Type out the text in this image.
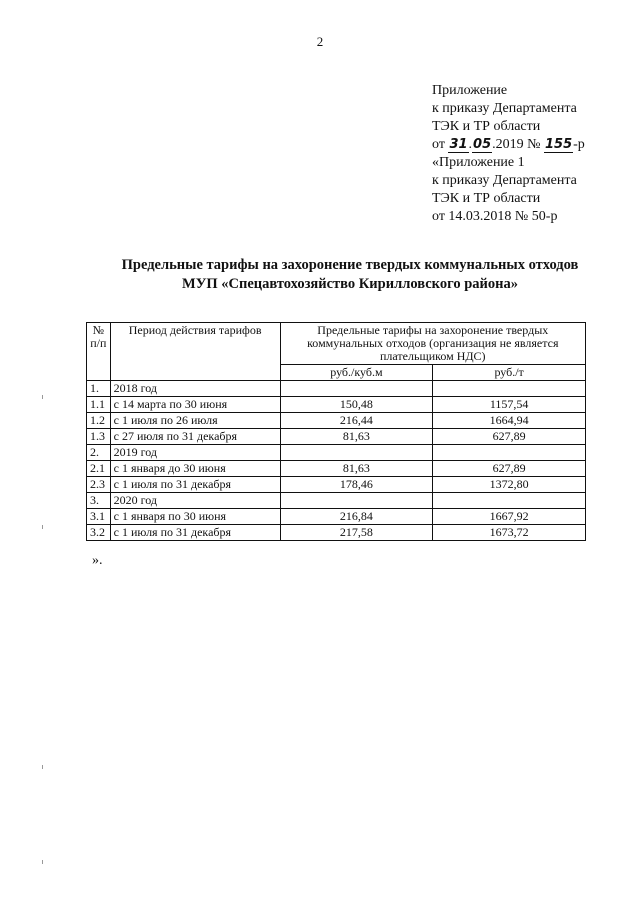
2
Приложение
к приказу Департамента
ТЭК и ТР области
от 31.05.2019 № 155-р
«Приложение 1
к приказу Департамента
ТЭК и ТР области
от 14.03.2018 № 50-р
Предельные тарифы на захоронение твердых коммунальных отходов
МУП «Спецавтохозяйство Кирилловского района»
№ п/п	Период действия тарифов	Предельные тарифы на захоронение твердых коммунальных отходов (организация не является плательщиком НДС)	
		руб./куб.м	руб./т
1.	2018 год		
1.1	с 14 марта по 30 июня	150,48	1157,54
1.2	с 1 июля по 26 июля	216,44	1664,94
1.3	с 27 июля по 31 декабря	81,63	627,89
2.	2019 год		
2.1	с 1 января до 30 июня	81,63	627,89
2.3	с 1 июля по 31 декабря	178,46	1372,80
3.	2020 год		
3.1	с 1 января по 30 июня	216,84	1667,92
3.2	с 1 июля по 31 декабря	217,58	1673,72
».
